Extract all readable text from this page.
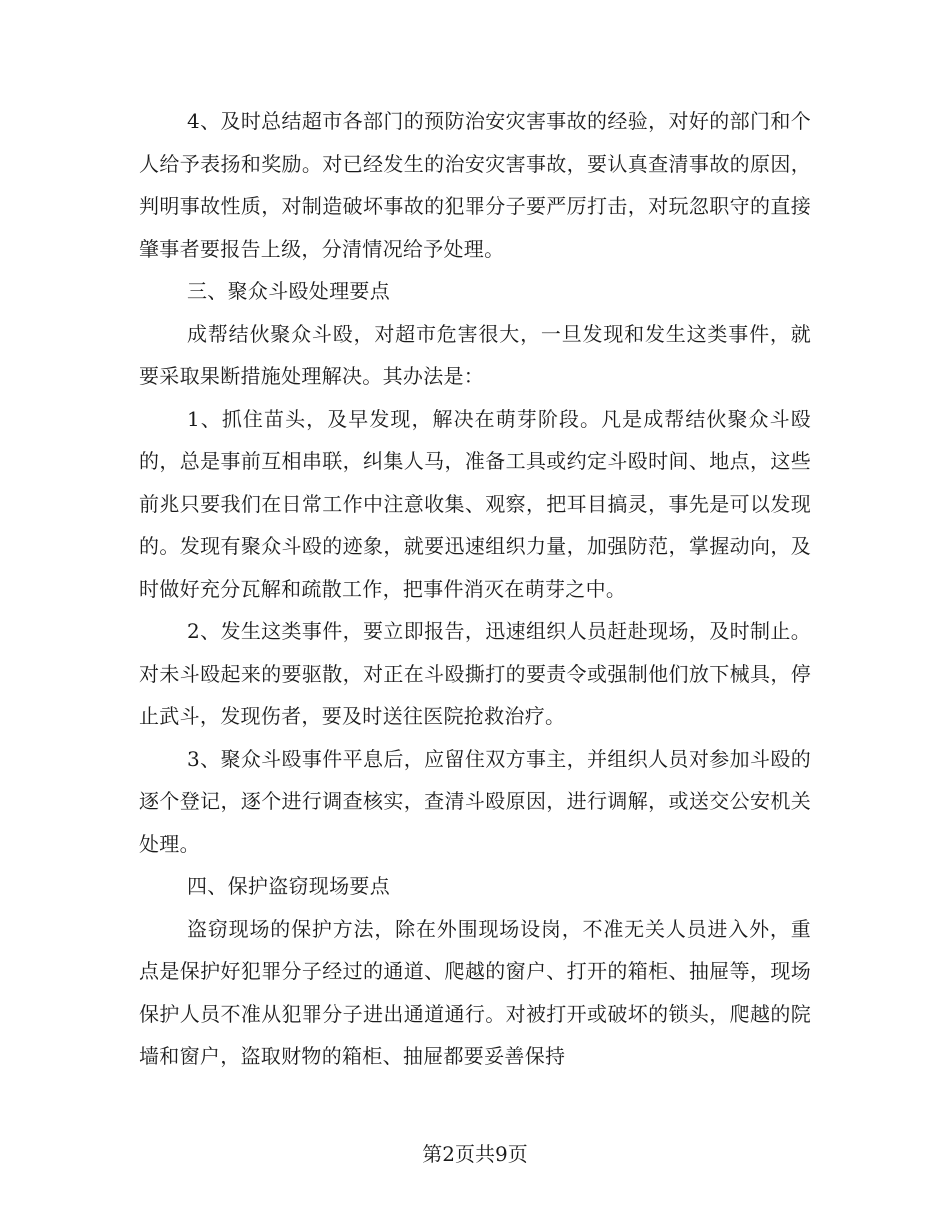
4、及时总结超市各部门的预防治安灾害事故的经验，对好的部门和个人给予表扬和奖励。对已经发生的治安灾害事故，要认真查清事故的原因，判明事故性质，对制造破坏事故的犯罪分子要严厉打击，对玩忽职守的直接肇事者要报告上级，分清情况给予处理。

三、聚众斗殴处理要点

成帮结伙聚众斗殴，对超市危害很大，一旦发现和发生这类事件，就要采取果断措施处理解决。其办法是：

1、抓住苗头，及早发现，解决在萌芽阶段。凡是成帮结伙聚众斗殴的，总是事前互相串联，纠集人马，准备工具或约定斗殴时间、地点，这些前兆只要我们在日常工作中注意收集、观察，把耳目搞灵，事先是可以发现的。发现有聚众斗殴的迹象，就要迅速组织力量，加强防范，掌握动向，及时做好充分瓦解和疏散工作，把事件消灭在萌芽之中。

2、发生这类事件，要立即报告，迅速组织人员赶赴现场，及时制止。对未斗殴起来的要驱散，对正在斗殴撕打的要责令或强制他们放下械具，停止武斗，发现伤者，要及时送往医院抢救治疗。

3、聚众斗殴事件平息后，应留住双方事主，并组织人员对参加斗殴的逐个登记，逐个进行调查核实，查清斗殴原因，进行调解，或送交公安机关处理。

四、保护盗窃现场要点

盗窃现场的保护方法，除在外围现场设岗，不准无关人员进入外，重点是保护好犯罪分子经过的通道、爬越的窗户、打开的箱柜、抽屉等，现场保护人员不准从犯罪分子进出通道通行。对被打开或破坏的锁头，爬越的院墙和窗户，盗取财物的箱柜、抽屉都要妥善保持

第2页共9页
